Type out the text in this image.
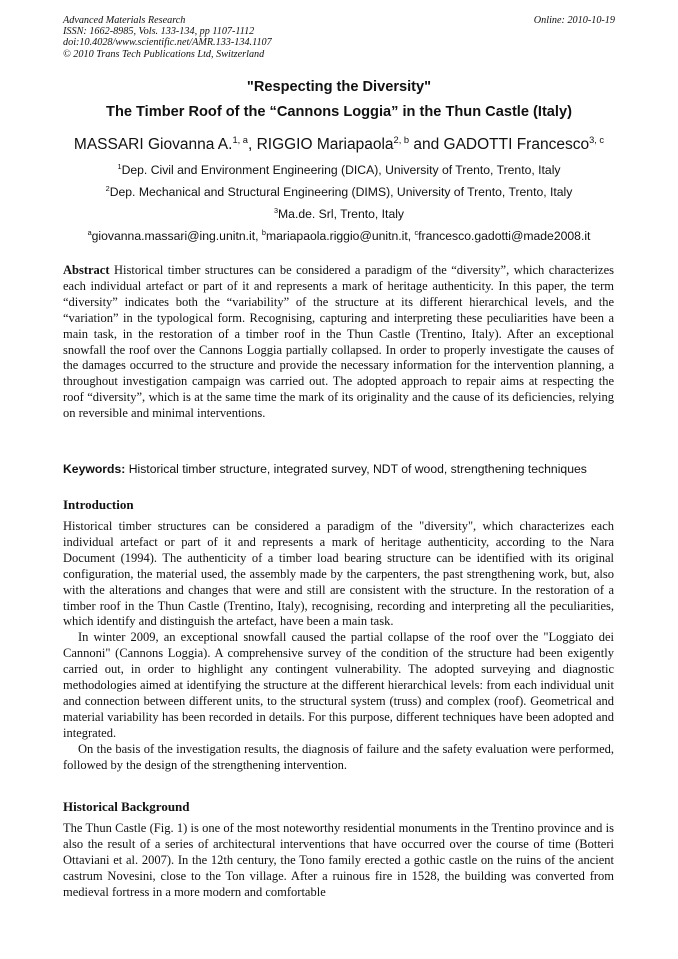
Advanced Materials Research
ISSN: 1662-8985, Vols. 133-134, pp 1107-1112
doi:10.4028/www.scientific.net/AMR.133-134.1107
© 2010 Trans Tech Publications Ltd, Switzerland
Online: 2010-10-19
"Respecting the Diversity"
The Timber Roof of the “Cannons Loggia” in the Thun Castle (Italy)
MASSARI Giovanna A.$^{1, a}$, RIGGIO Mariapaola$^{2, b}$ and GADOTTI Francesco$^{3, c}$
$^1$Dep. Civil and Environment Engineering (DICA), University of Trento, Trento, Italy
$^2$Dep. Mechanical and Structural Engineering (DIMS), University of Trento, Trento, Italy
$^3$Ma.de. Srl, Trento, Italy
$^a$giovanna.massari@ing.unitn.it, $^b$mariapaola.riggio@unitn.it, $^c$francesco.gadotti@made2008.it

Abstract Historical timber structures can be considered a paradigm of the “diversity”, which characterizes each individual artefact or part of it and represents a mark of heritage authenticity. In this paper, the term “diversity” indicates both the “variability” of the structure at its different hierarchical levels, and the “variation” in the typological form. Recognising, capturing and interpreting these peculiarities have been a main task, in the restoration of a timber roof in the Thun Castle (Trentino, Italy). After an exceptional snowfall the roof over the Cannons Loggia partially collapsed. In order to properly investigate the causes of the damages occurred to the structure and provide the necessary information for the intervention planning, a throughout investigation campaign was carried out. The adopted approach to repair aims at respecting the roof “diversity”, which is at the same time the mark of its originality and the cause of its deficiencies, relying on reversible and minimal interventions.

Keywords: Historical timber structure, integrated survey, NDT of wood, strengthening techniques
Introduction

Historical timber structures can be considered a paradigm of the "diversity", which characterizes each individual artefact or part of it and represents a mark of heritage authenticity, according to the Nara Document (1994). The authenticity of a timber load bearing structure can be identified with its original configuration, the material used, the assembly made by the carpenters, the past strengthening work, but, also with the alterations and changes that were and still are consistent with the structure. In the restoration of a timber roof in the Thun Castle (Trentino, Italy), recognising, recording and interpreting all the peculiarities, which identify and distinguish the artefact, have been a main task.

In winter 2009, an exceptional snowfall caused the partial collapse of the roof over the "Loggiato dei Cannoni" (Cannons Loggia). A comprehensive survey of the condition of the structure had been exigently carried out, in order to highlight any contingent vulnerability. The adopted surveying and diagnostic methodologies aimed at identifying the structure at the different hierarchical levels: from each individual unit and connection between different units, to the structural system (truss) and complex (roof). Geometrical and material variability has been recorded in details. For this purpose, different techniques have been adopted and integrated.

On the basis of the investigation results, the diagnosis of failure and the safety evaluation were performed, followed by the design of the strengthening intervention.

Historical Background

The Thun Castle (Fig. 1) is one of the most noteworthy residential monuments in the Trentino province and is also the result of a series of architectural interventions that have occurred over the course of time (Botteri Ottaviani et al. 2007). In the 12th century, the Tono family erected a gothic castle on the ruins of the ancient castrum Novesini, close to the Ton village. After a ruinous fire in 1528, the building was converted from medieval fortress in a more modern and comfortable
